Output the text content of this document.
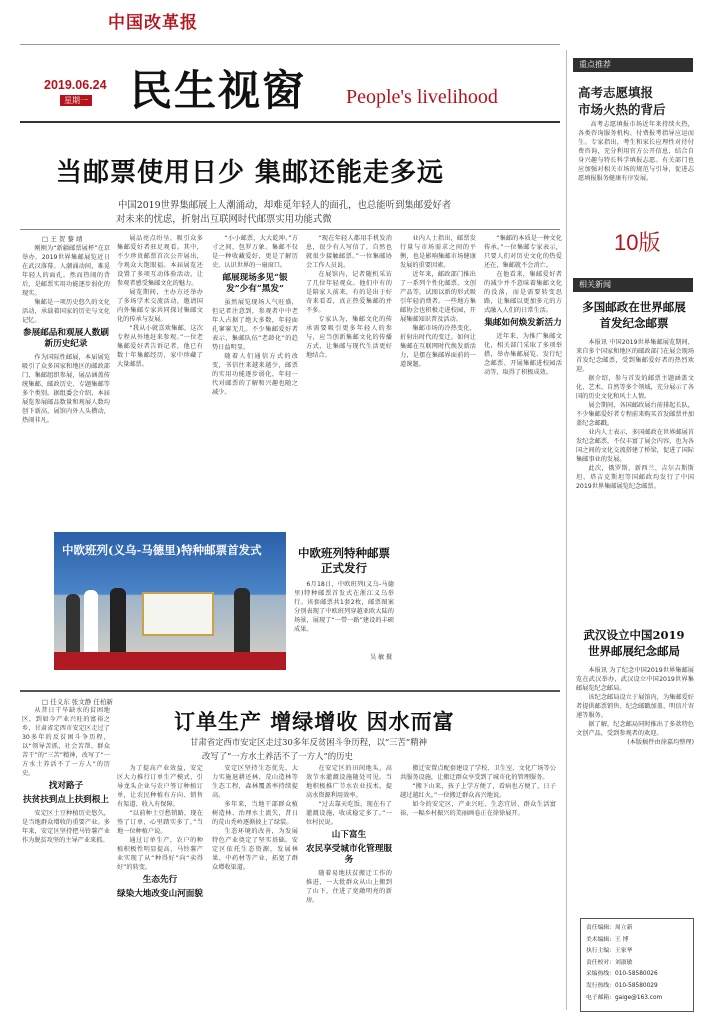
中国改革报
2019.06.24
星期一 民生视窗 People's livelihood
重点推荐
高考志愿填报
市场火热的背后

高考志愿填报市场近年来持续火热，各类咨询服务机构、付费报考指导应运而生。专家指出，考生和家长应理性对待付费咨询，充分利用官方公开信息，结合自身兴趣与特长科学填报志愿。有关部门也应加强对相关市场的规范与引导，促进志愿填报服务健康有序发展。

10版
当邮票使用日少 集邮还能走多远
中国2019世界集邮展上人潮涌动，却难觅年轻人的面孔，也总能听到集邮爱好者
对未来的忧虑，折射出互联网时代邮票实用功能式微
□ 王 贺 黎 靖

刚刚为“新疆邮票展杯”在京举办，2019世界集邮展览近日在武汉落幕。人潮涌动间，难觅年轻人的面孔。然而热闹的背后，是邮票实用功能逐步弱化的现实。

集邮是一项历史悠久的文化活动，承载着国家的历史与文化记忆。

参展邮品和观展人数刷新历史纪录

作为国际性邮展，本届展览吸引了众多国家和地区的邮政部门、集邮组织参展，展品涵盖传统集邮、邮政历史、专题集邮等多个类别。据组委会介绍，本届展览参展邮品数量和观展人数均创下新高，展馆内外人头攒动，热闹非凡。

展品亮点纷呈，吸引众多集邮爱好者驻足观看。其中，不少珍贵邮票首次公开展出，令观众大饱眼福。本届展览还设置了多项互动体验活动，让参观者感受集邮文化的魅力。

展览期间，主办方还举办了多场学术交流活动，邀请国内外集邮专家共同探讨集邮文化的传承与发展。

“我从小就喜欢集邮，这次专程从外地赶来参观。”一位老集邮爱好者告诉记者，他已有数十年集邮经历，家中珍藏了大量邮票。

“小小邮票，大大乾坤。”方寸之间，包罗万象。集邮不仅是一种收藏爱好，更是了解历史、认识世界的一扇窗口。

邮展现场多见“银发”少有“黑发”

虽然展览现场人气旺盛，但记者注意到，参观者中中老年人占据了绝大多数，年轻面孔寥寥无几。不少集邮爱好者表示，集邮队伍“老龄化”的趋势日益明显。

随着人们通信方式的改变，书信往来越来越少，邮票的实用功能逐步弱化，年轻一代对邮票的了解和兴趣也随之减少。

“现在年轻人都用手机发消息，很少有人写信了，自然也就很少接触邮票。”一位集邮协会工作人员说。

在展馆内，记者随机采访了几位年轻观众。他们中有的是陪家人前来，有的是出于好奇来看看，真正热爱集邮的并不多。

专家认为，集邮文化的传承需要吸引更多年轻人的参与，应当创新集邮文化的传播方式，让集邮与现代生活更好地结合。

业内人士指出，邮票发行量与市场需求之间的平衡，也是影响集邮市场健康发展的重要因素。

近年来，邮政部门推出了一系列个性化邮票、文创产品等，试图以新的形式吸引年轻消费者。一些地方集邮协会也积极走进校园，开展集邮知识普及活动。

集邮市场的冷热变化，折射出时代的变迁。如何让集邮在互联网时代焕发新活力，是摆在集邮界面前的一道课题。

“集邮的本质是一种文化传承。”一位集邮专家表示，只要人们对历史文化的热爱还在，集邮就不会消亡。

在他看来，集邮爱好者的减少并不意味着集邮文化的没落，而是需要转变思路，让集邮以更加多元的方式融入人们的日常生活。

集邮如何焕发新活力

近年来，为推广集邮文化，相关部门采取了多项举措，举办集邮展览、发行纪念邮票、开展集邮进校园活动等，取得了积极成效。

中欧班列(义乌-马德里)特种邮票首发式	中欧班列特种邮票
正式发行

6月18日，中欧班列(义乌-马德里)特种邮票首发式在浙江义乌举行。该套邮票共1套2枚，邮票图案分别表现了中欧班列穿越亚欧大陆的场景，展现了“一带一路”建设的丰硕成果。

吴 敏 摄
□ 任义东 张文静 任柏新
订单生产 增绿增收 因水而富
甘肃省定西市安定区走过30多年反贫困斗争历程，以“三苦”精神
改写了“一方水土养活不了一方人”的历史

从昔日干旱缺水的贫困地区，到如今产业兴旺的富裕之乡，甘肃省定西市安定区走过了30多年的反贫困斗争历程，以“领导苦抓、社会苦帮、群众苦干”的“三苦”精神，改写了“一方水土养活不了一方人”的历史。

找对路子
扶贫扶到点上扶到根上

安定区土豆种植历史悠久，是当地群众增收的重要产业。多年来，安定区坚持把马铃薯产业作为脱贫攻坚的主导产业来抓。

为了提高产业效益，安定区大力推行订单生产模式，引导龙头企业与农户签订种植订单，让农民种植有方向、销售有渠道、收入有保障。

“以前种土豆愁销路，现在签了订单，心里踏实多了。”当地一位种植户说。

通过订单生产，农户的种植积极性明显提高，马铃薯产业实现了从“种得好”向“卖得好”的转变。

生态先行
绿染大地改变山河面貌

安定区坚持生态优先，大力实施退耕还林、荒山造林等生态工程，森林覆盖率持续提高。

多年来，当地干部群众植树造林、治理水土流失，昔日的荒山秃岭逐渐披上了绿装。

生态环境的改善，为发展特色产业奠定了坚实基础。安定区依托生态资源，发展林果、中药材等产业，拓宽了群众增收渠道。

在安定区的田间地头，高效节水灌溉设施随处可见。当地积极推广节水农业技术，提高水资源利用效率。

“过去靠天吃饭，现在有了灌溉设施，收成稳定多了。”一位村民说。

山下富生
农民享受城市化管理服务

随着易地扶贫搬迁工作的推进，一大批群众从山上搬到了山下，住进了宽敞明亮的新房。

搬迁安置点配套建设了学校、卫生室、文化广场等公共服务设施，让搬迁群众享受到了城市化的管理服务。

“搬下山来，孩子上学方便了，看病也方便了，日子越过越红火。”一位搬迁群众高兴地说。

如今的安定区，产业兴旺、生态宜居、群众生活富裕，一幅乡村振兴的美丽画卷正在徐徐展开。

相关新闻
多国邮政在世界邮展
首发纪念邮票

本报讯 中国2019世界集邮展览期间，来自多个国家和地区的邮政部门在展会现场首发纪念邮票，受到集邮爱好者的热烈欢迎。

据介绍，参与首发的邮票主题涵盖文化、艺术、自然等多个领域，充分展示了各国的历史文化和风土人情。

展会期间，各国邮政展台前排起长队，不少集邮爱好者专程前来购买首发邮票并加盖纪念邮戳。

业内人士表示，多国邮政在世界邮展首发纪念邮票，不仅丰富了展会内容，也为各国之间的文化交流搭建了桥梁，促进了国际集邮事业的发展。

此次，俄罗斯、新西兰、吉尔吉斯斯坦、塔吉克斯坦等国邮政均发行了中国2019世界集邮展览纪念邮票。

武汉设立中国2019
世界邮展纪念邮局

本报讯 为了纪念中国2019世界集邮展览在武汉举办，武汉设立中国2019世界集邮展览纪念邮局。

该纪念邮局设立于展馆内，为集邮爱好者提供邮票销售、纪念邮戳加盖、明信片寄递等服务。

据了解，纪念邮局同时推出了多款特色文创产品，受到参观者的欢迎。

(本版稿件由徐嘉均整理)

责任编辑：周立新
美术编辑：王 博
执行主编：王家华
责任校对：刘淑敏
采编热线：010-58580026
发行热线：010-58580029
电子邮箱：gaige@163.com
